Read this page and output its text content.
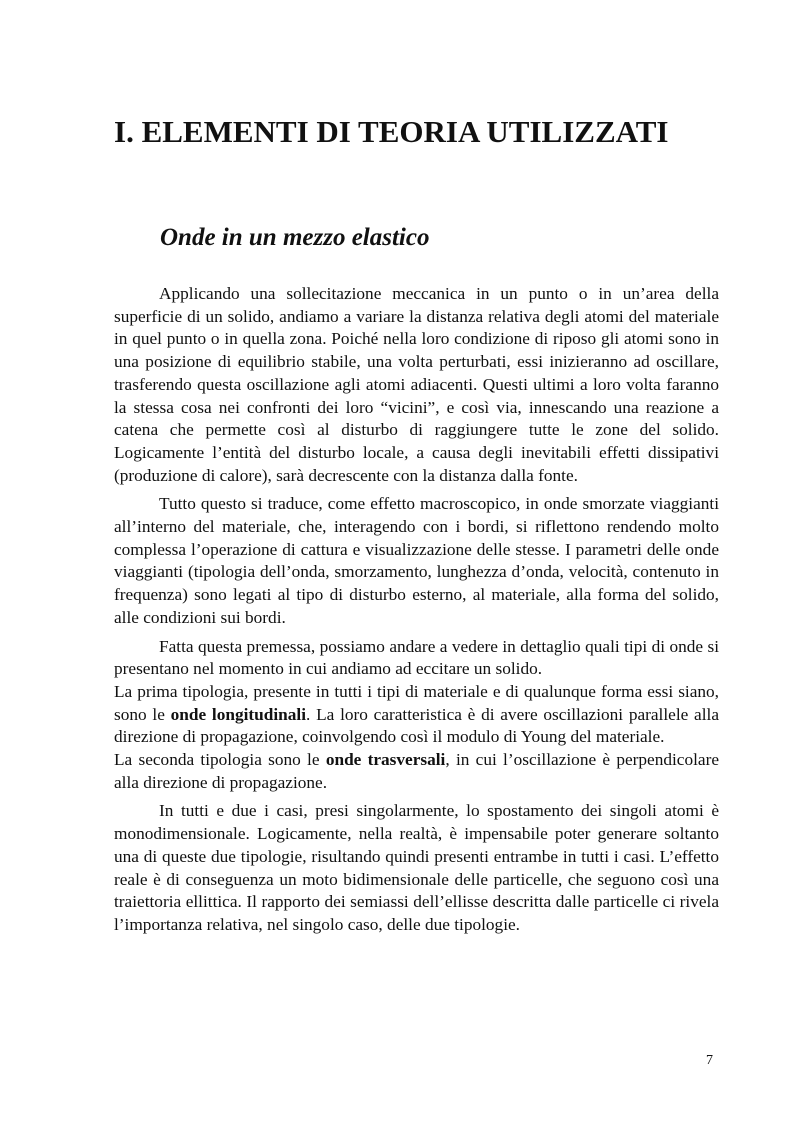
I. ELEMENTI DI TEORIA UTILIZZATI
Onde in un mezzo elastico

Applicando una sollecitazione meccanica in un punto o in un’area della superficie di un solido, andiamo a variare la distanza relativa degli atomi del materiale in quel punto o in quella zona. Poiché nella loro condizione di riposo gli atomi sono in una posizione di equilibrio stabile, una volta perturbati, essi inizieranno ad oscillare, trasferendo questa oscillazione agli atomi adiacenti. Questi ultimi a loro volta faranno la stessa cosa nei confronti dei loro “vicini”, e così via, innescando una reazione a catena che permette così al disturbo di raggiungere tutte le zone del solido. Logicamente l’entità del disturbo locale, a causa degli inevitabili effetti dissipativi (produzione di calore), sarà decrescente con la distanza dalla fonte.

Tutto questo si traduce, come effetto macroscopico, in onde smorzate viaggianti all’interno del materiale, che, interagendo con i bordi, si riflettono rendendo molto complessa l’operazione di cattura e visualizzazione delle stesse. I parametri delle onde viaggianti (tipologia dell’onda, smorzamento, lunghezza d’onda, velocità, contenuto in frequenza) sono legati al tipo di disturbo esterno, al materiale, alla forma del solido, alle condizioni sui bordi.

Fatta questa premessa, possiamo andare a vedere in dettaglio quali tipi di onde si presentano nel momento in cui andiamo ad eccitare un solido.
La prima tipologia, presente in tutti i tipi di materiale e di qualunque forma essi siano, sono le onde longitudinali. La loro caratteristica è di avere oscillazioni parallele alla direzione di propagazione, coinvolgendo così il modulo di Young del materiale.
La seconda tipologia sono le onde trasversali, in cui l’oscillazione è perpendicolare alla direzione di propagazione.

In tutti e due i casi, presi singolarmente, lo spostamento dei singoli atomi è monodimensionale. Logicamente, nella realtà, è impensabile poter generare soltanto una di queste due tipologie, risultando quindi presenti entrambe in tutti i casi. L’effetto reale è di conseguenza un moto bidimensionale delle particelle, che seguono così una traiettoria ellittica. Il rapporto dei semiassi dell’ellisse descritta dalle particelle ci rivela l’importanza relativa, nel singolo caso, delle due tipologie.

7
